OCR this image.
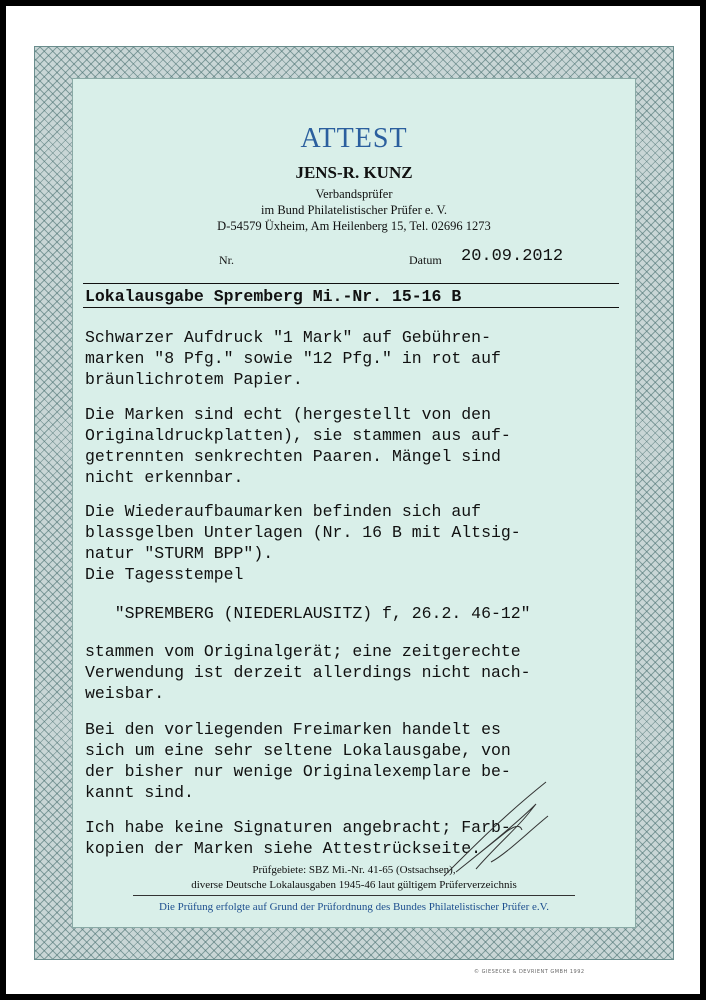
ATTEST
JENS-R. KUNZ
Verbandsprüfer
im Bund Philatelistischer Prüfer e. V.
D-54579 Üxheim, Am Heilenberg 15, Tel. 02696 1273
Nr.	Datum 20.09.2012
Lokalausgabe Spremberg Mi.-Nr. 15-16 B
Schwarzer Aufdruck "1 Mark" auf Gebühren-
marken "8 Pfg." sowie "12 Pfg." in rot auf
bräunlichrotem Papier.
Die Marken sind echt (hergestellt von den
Originaldruckplatten), sie stammen aus auf-
getrennten senkrechten Paaren. Mängel sind
nicht erkennbar.
Die Wiederaufbaumarken befinden sich auf
blassgelben Unterlagen (Nr. 16 B mit Altsig-
natur "STURM BPP").
Die Tagesstempel
"SPREMBERG (NIEDERLAUSITZ) f, 26.2. 46-12"
stammen vom Originalgerät; eine zeitgerechte
Verwendung ist derzeit allerdings nicht nach-
weisbar.
Bei den vorliegenden Freimarken handelt es
sich um eine sehr seltene Lokalausgabe, von
der bisher nur wenige Originalexemplare be-
kannt sind.
Ich habe keine Signaturen angebracht; Farb-
kopien der Marken siehe Attestrückseite.
Prüfgebiete: SBZ Mi.-Nr. 41-65 (Ostsachsen),
diverse Deutsche Lokalausgaben 1945-46 laut gültigem Prüferverzeichnis
Die Prüfung erfolgte auf Grund der Prüfordnung des Bundes Philatelistischer Prüfer e.V.
© GIESECKE & DEVRIENT GMBH 1992
